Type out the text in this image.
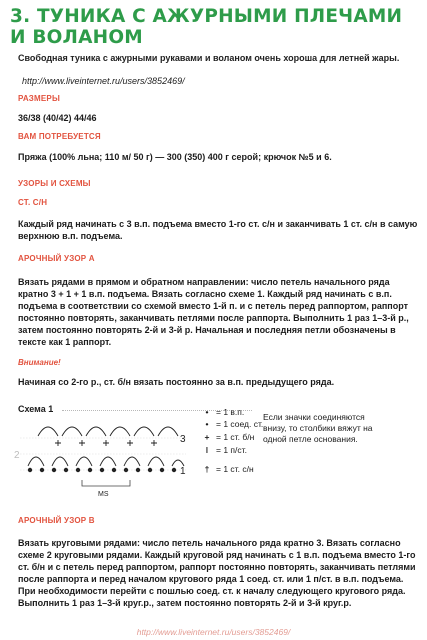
3. ТУНИКА С АЖУРНЫМИ ПЛЕЧАМИ И ВОЛАНОМ
Свободная туника с ажурными рукавами и воланом очень хороша для летней жары.
http://www.liveinternet.ru/users/3852469/
РАЗМЕРЫ
36/38 (40/42) 44/46
ВАМ ПОТРЕБУЕТСЯ
Пряжа (100% льна; 110 м/ 50 г) — 300 (350) 400 г серой; крючок №5 и 6.
УЗОРЫ И СХЕМЫ
СТ. С/Н
Каждый ряд начинать с 3 в.п. подъема вместо 1-го ст. с/н и заканчивать 1 ст. с/н в самую верхнюю в.п. подъема.
АРОЧНЫЙ УЗОР А
Вязать рядами в прямом и обратном направлении: число петель начального ряда кратно 3 + 1 + 1 в.п. подъема. Вязать согласно схеме 1. Каждый ряд начинать с в.п. подъема в соответствии со схемой вместо 1-й п. и с петель перед раппортом, раппорт постоянно повторять, заканчивать петлями после раппорта. Выполнить 1 раз 1–3-й р., затем постоянно повторять 2-й и 3-й р. Начальная и последняя петли обозначены в тексте как 1 раппорт.
Внимание!
Начиная со 2-го р., ст. б/н вязать постоянно за в.п. предыдущего ряда.
Схема 1
2
3
1
MS
• = 1 в.п.
• = 1 соед. ст.
+ = 1 ст. б/н
ǀ = 1 п/ст.
† = 1 ст. с/н
Если значки соединяются внизу, то столбики вяжут на одной петле основания.
АРОЧНЫЙ УЗОР В
Вязать круговыми рядами: число петель начального ряда кратно 3. Вязать согласно схеме 2 круговыми рядами. Каждый круговой ряд начинать с 1 в.п. подъема вместо 1-го ст. б/н и с петель перед раппортом, раппорт постоянно повторять, заканчивать петлями после раппорта и перед началом кругового ряда 1 соед. ст. или 1 п/ст. в в.п. подъема. При необходимости перейти с пошлью соед. ст. к началу следующего кругового ряда. Выполнить 1 раз 1–3-й круг.р., затем постоянно повторять 2-й и 3-й круг.р.
http://www.liveinternet.ru/users/3852469/
